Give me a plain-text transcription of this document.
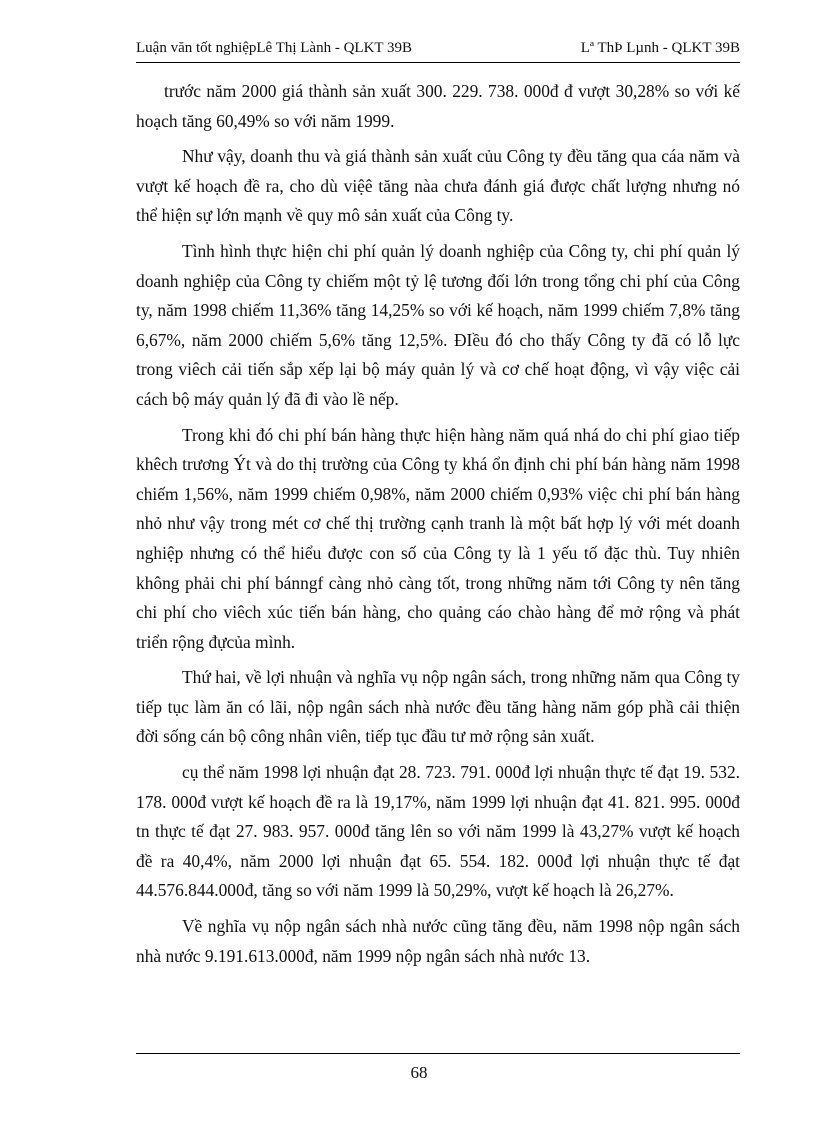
Luận văn tốt nghiệpLê Thị Lành - QLKT 39B	Lª ThÞ Lµnh - QLKT 39B

trước năm 2000 giá thành sản xuất 300. 229. 738. 000đ đ vượt 30,28% so với kế hoạch tăng 60,49% so với năm 1999.

Như vậy, doanh thu và giá thành sản xuất củu Công ty đều tăng qua cáa năm và vượt kế hoạch đề ra, cho dù việê tăng nàa chưa đánh giá được chất lượng nhưng nó thể hiện sự lớn mạnh về quy mô sản xuất của Công ty.

Tình hình thực hiện chi phí quản lý doanh nghiệp của Công ty, chi phí quản lý doanh nghiệp của Công ty chiếm một tỷ lệ tương đối lớn trong tổng chi phí của Công ty, năm 1998 chiếm 11,36% tăng 14,25% so với kế hoạch, năm 1999 chiếm 7,8% tăng 6,67%, năm 2000 chiếm 5,6% tăng 12,5%. ĐIều đó cho thấy Công ty đã có lỗ lực trong viêch cải tiến sắp xếp lại bộ máy quản lý và cơ chế hoạt động, vì vậy việc cải cách bộ máy quản lý đã đi vào lề nếp.

Trong khi đó chi phí bán hàng thực hiện hàng năm quá nhá do chi phí giao tiếp khêch trương Ýt và do thị trường của Công ty khá ổn định chi phí bán hàng năm 1998 chiếm 1,56%, năm 1999 chiếm 0,98%, năm 2000 chiếm 0,93% việc chi phí bán hàng nhỏ như vậy trong mét cơ chế thị trường cạnh tranh là một bất hợp lý với mét doanh nghiệp nhưng có thể hiểu được con số của Công ty là 1 yếu tố đặc thù. Tuy nhiên không phải chi phí bánngf càng nhỏ càng tốt, trong những năm tới Công ty nên tăng chi phí cho viêch xúc tiến bán hàng, cho quảng cáo chào hàng để mở rộng và phát triển rộng đựcủa mình.

Thứ hai, về lợi nhuận và nghĩa vụ nộp ngân sách, trong những năm qua Công ty tiếp tục làm ăn có lãi, nộp ngân sách nhà nước đều tăng hàng năm góp phầ cải thiện đời sống cán bộ công nhân viên, tiếp tục đầu tư mở rộng sản xuất.

cụ thể năm 1998 lợi nhuận đạt 28. 723. 791. 000đ lợi nhuận thực tế đạt 19. 532. 178. 000đ vượt kế hoạch đề ra là 19,17%, năm 1999 lợi nhuận đạt 41. 821. 995. 000đ tn thực tế đạt 27. 983. 957. 000đ tăng lên so với năm 1999 là 43,27% vượt kế hoạch đề ra 40,4%, năm 2000 lợi nhuận đạt 65. 554. 182. 000đ lợi nhuận thực tế đạt 44.576.844.000đ, tăng so với năm 1999 là 50,29%, vượt kế hoạch là 26,27%.

Về nghĩa vụ nộp ngân sách nhà nước cũng tăng đều, năm 1998 nộp ngân sách nhà nước 9.191.613.000đ, năm 1999 nộp ngân sách nhà nước 13.

68
